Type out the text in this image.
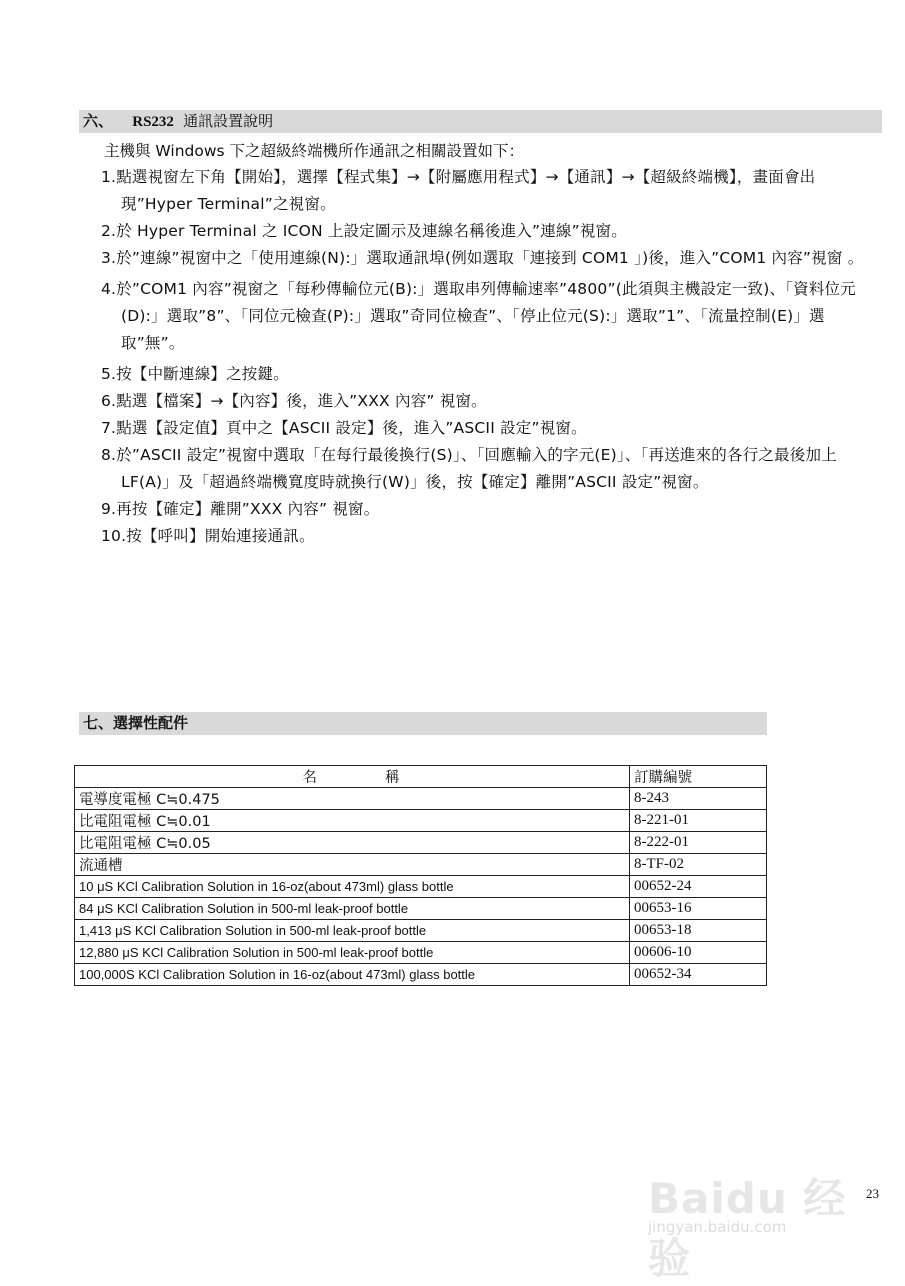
六、 RS232 通訊設置說明
主機與 Windows 下之超級終端機所作通訊之相關設置如下：
1.點選視窗左下角【開始】，選擇【程式集】→【附屬應用程式】→【通訊】→【超級終端機】，畫面會出現”Hyper Terminal”之視窗。
2.於 Hyper Terminal 之 ICON 上設定圖示及連線名稱後進入”連線”視窗。
3.於”連線”視窗中之「使用連線(N):」選取通訊埠(例如選取「連接到 COM1 」)後，進入”COM1 內容”視窗 。
4.於”COM1 內容”視窗之「每秒傳輸位元(B):」選取串列傳輸速率”4800”(此須與主機設定一致)、「資料位元(D):」選取”8”、「同位元檢查(P):」選取”奇同位檢查”、「停止位元(S):」選取”1”、「流量控制(E)」選取”無”。
5.按【中斷連線】之按鍵。
6.點選【檔案】→【內容】後，進入”XXX 內容” 視窗。
7.點選【設定值】頁中之【ASCII 設定】後，進入”ASCII 設定”視窗。
8.於”ASCII 設定”視窗中選取「在每行最後換行(S)」、「回應輸入的字元(E)」、「再送進來的各行之最後加上 LF(A)」及「超過終端機寬度時就換行(W)」後，按【確定】離開”ASCII 設定”視窗。
9.再按【確定】離開”XXX 內容” 視窗。
10.按【呼叫】開始連接通訊。
七、選擇性配件
名　　　　稱	訂購編號
電導度電極 C≒0.475	8-243
比電阻電極 C≒0.01	8-221-01
比電阻電極 C≒0.05	8-222-01
流通槽	8-TF-02
10 μS KCl Calibration Solution in 16-oz(about 473ml) glass bottle	00652-24
84 μS KCl Calibration Solution in 500-ml leak-proof bottle	00653-16
1,413 μS KCl Calibration Solution in 500-ml leak-proof bottle	00653-18
12,880 μS KCl Calibration Solution in 500-ml leak-proof bottle	00606-10
100,000S KCl Calibration Solution in 16-oz(about 473ml) glass bottle	00652-34
Baidu 经验
jingyan.baidu.com
23
